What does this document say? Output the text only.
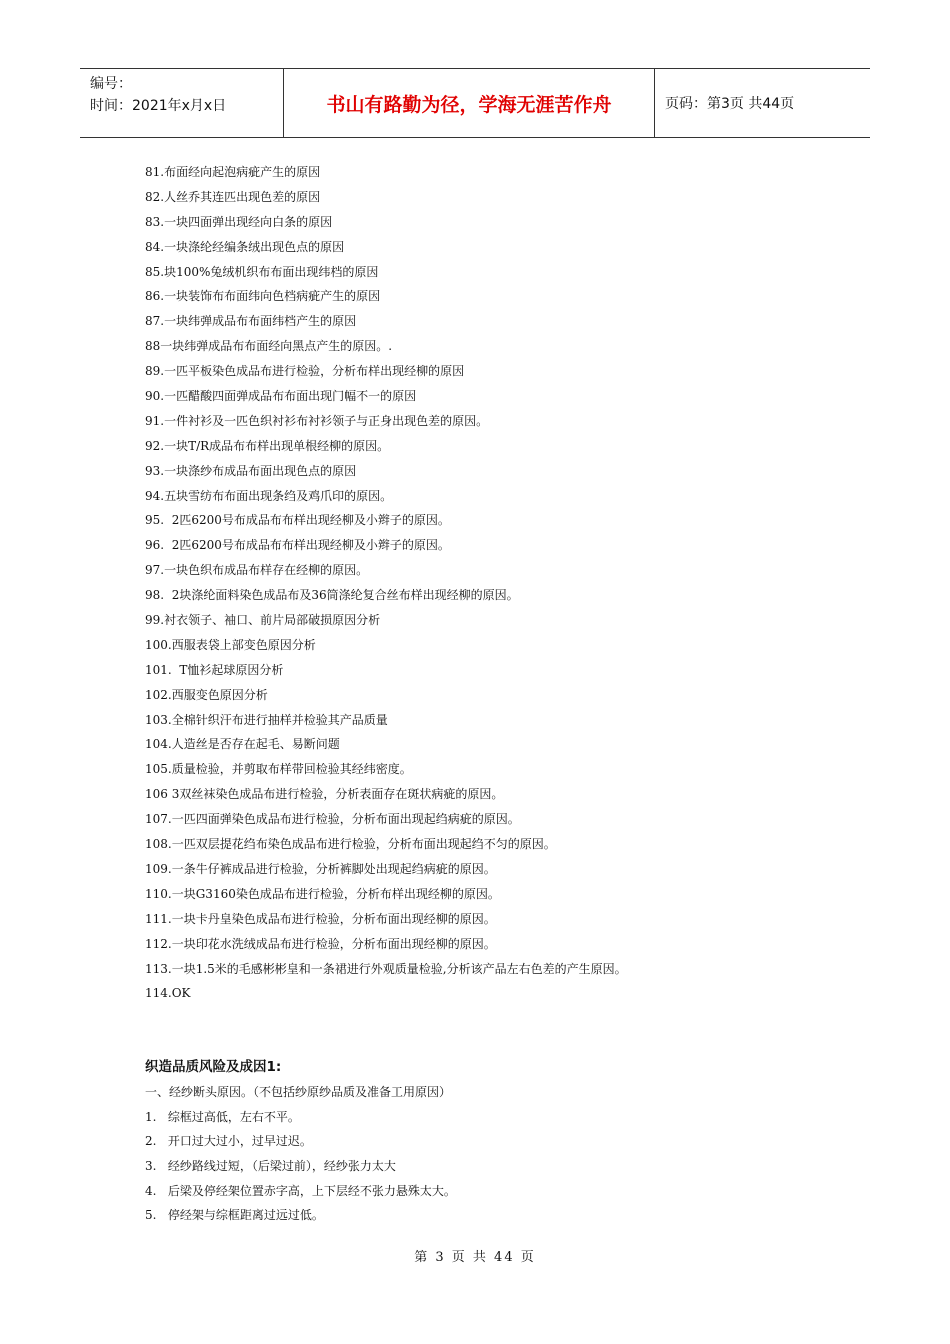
编号：
时间：2021年x月x日	书山有路勤为径，学海无涯苦作舟	页码：第3页 共44页
81.布面经向起泡病疵产生的原因
82.人丝乔其连匹出现色差的原因
83.一块四面弹出现经向白条的原因
84.一块涤纶经编条绒出现色点的原因
85.块100%兔绒机织布布面出现纬档的原因
86.一块装饰布布面纬向色档病疵产生的原因
87.一块纬弹成品布布面纬档产生的原因
88一块纬弹成品布布面经向黑点产生的原因。.
89.一匹平板染色成品布进行检验，分析布样出现经柳的原因
90.一匹醋酸四面弹成品布布面出现门幅不一的原因
91.一件衬衫及一匹色织衬衫布衬衫领子与正身出现色差的原因。
92.一块T/R成品布布样出现单根经柳的原因。
93.一块涤纱布成品布面出现色点的原因
94.五块雪纺布布面出现条绉及鸡爪印的原因。
95.  2匹6200号布成品布布样出现经柳及小辫子的原因。
96.  2匹6200号布成品布布样出现经柳及小辫子的原因。
97.一块色织布成品布样存在经柳的原因。
98.  2块涤纶面料染色成品布及36筒涤纶复合丝布样出现经柳的原因。
99.衬衣领子、袖口、前片局部破损原因分析
100.西服表袋上部变色原因分析
101.  T恤衫起球原因分析
102.西服变色原因分析
103.全棉针织汗布进行抽样并检验其产品质量
104.人造丝是否存在起毛、易断问题
105.质量检验，并剪取布样带回检验其经纬密度。
106 3双丝袜染色成品布进行检验，分析表面存在斑状病疵的原因。
107.一匹四面弹染色成品布进行检验，分析布面出现起绉病疵的原因。
108.一匹双层提花绉布染色成品布进行检验，分析布面出现起绉不匀的原因。
109.一条牛仔裤成品进行检验，分析裤脚处出现起绉病疵的原因。
110.一块G3160染色成品布进行检验，分析布样出现经柳的原因。
111.一块卡丹皇染色成品布进行检验，分析布面出现经柳的原因。
112.一块印花水洗绒成品布进行检验，分析布面出现经柳的原因。
113.一块1.5米的毛感彬彬皇和一条裙进行外观质量检验,分析该产品左右色差的产生原因。
114.OK
织造品质风险及成因1:
一、经纱断头原因。（不包括纱原纱品质及准备工用原因）
1.   综框过高低，左右不平。
2.   开口过大过小，过早过迟。
3.   经纱路线过短，（后梁过前），经纱张力太大
4.   后梁及停经架位置赤字高，上下层经不张力悬殊太大。
5.   停经架与综框距离过远过低。
第 3 页 共 44 页
